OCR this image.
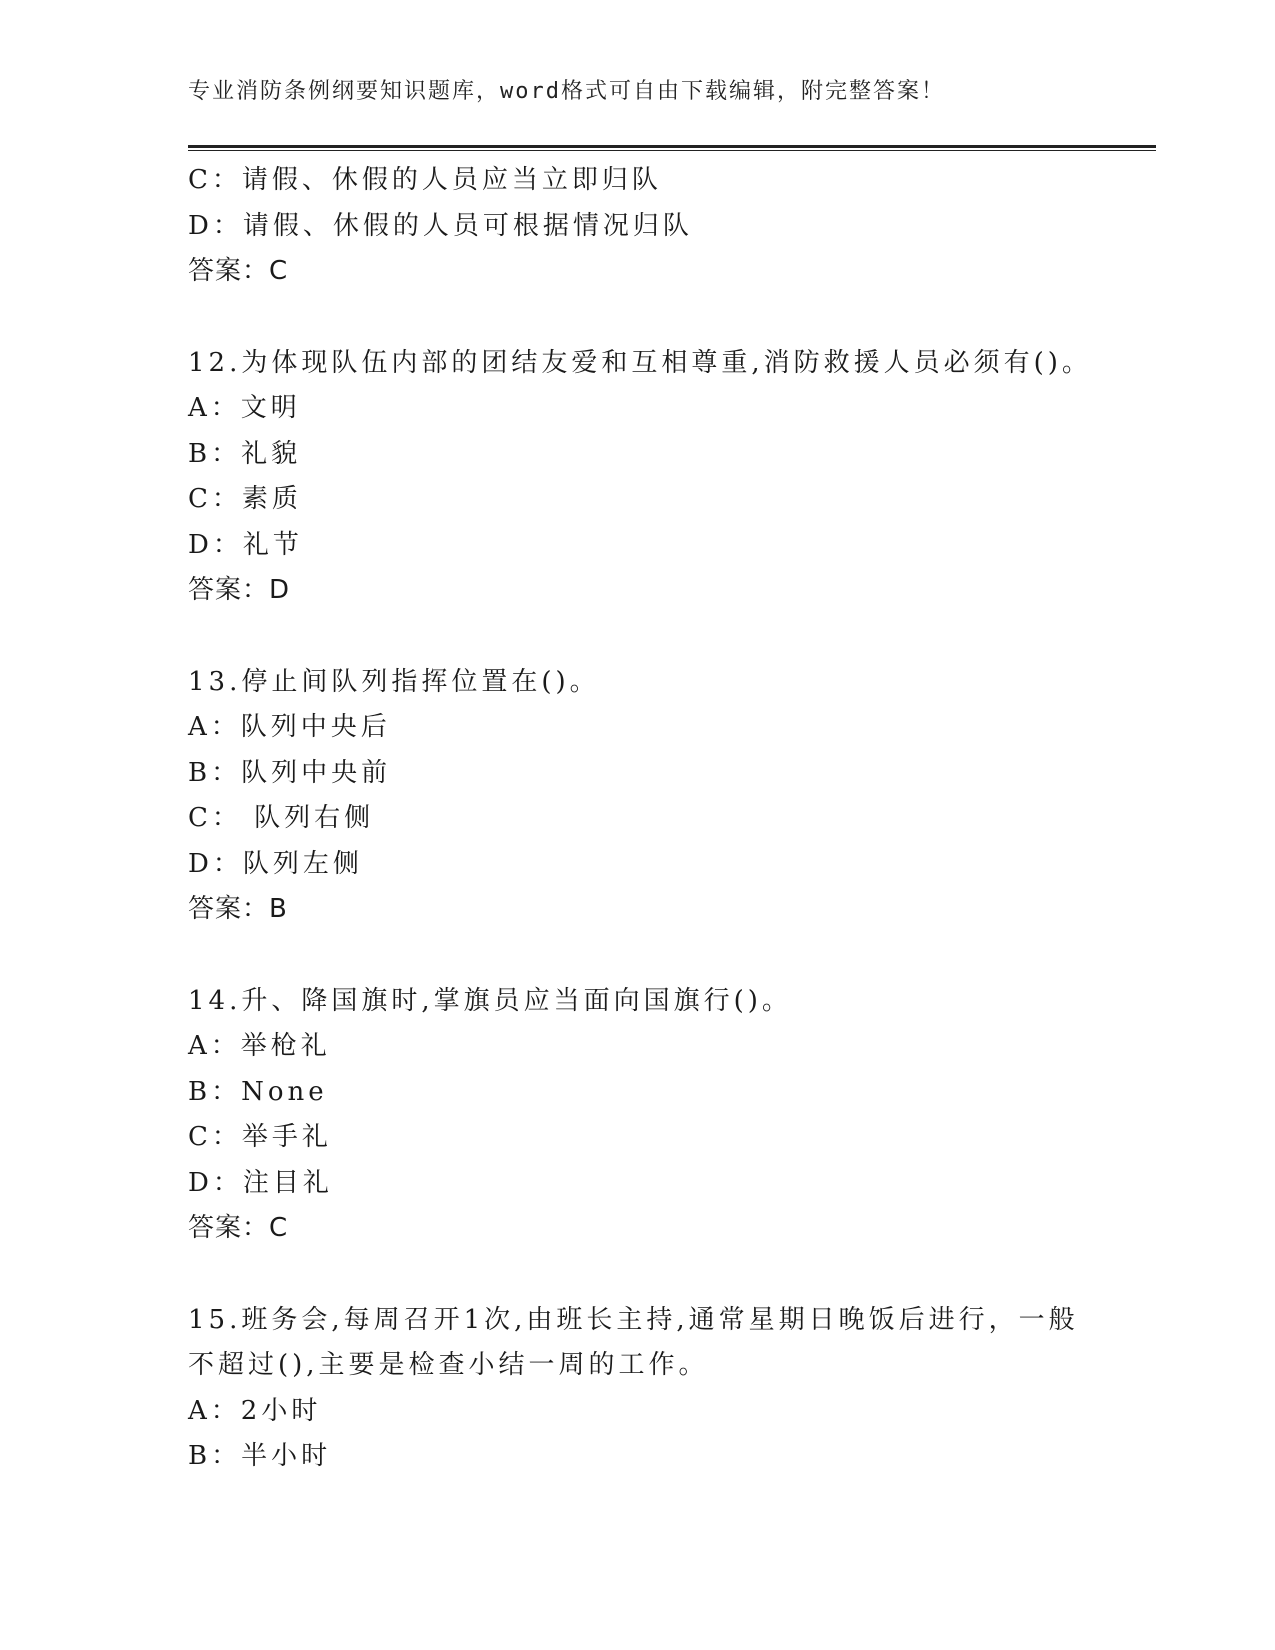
专业消防条例纲要知识题库，word格式可自由下载编辑，附完整答案！
C：请假、休假的人员应当立即归队
D：请假、休假的人员可根据情况归队
答案：C
12.为体现队伍内部的团结友爱和互相尊重,消防救援人员必须有()。
A：文明
B：礼貌
C：素质
D：礼节
答案：D
13.停止间队列指挥位置在()。
A：队列中央后
B：队列中央前
C： 队列右侧
D：队列左侧
答案：B
14.升、降国旗时,掌旗员应当面向国旗行()。
A：举枪礼
B：None
C：举手礼
D：注目礼
答案：C
15.班务会,每周召开1次,由班长主持,通常星期日晚饭后进行，一般
不超过(),主要是检查小结一周的工作。
A：2小时
B：半小时
